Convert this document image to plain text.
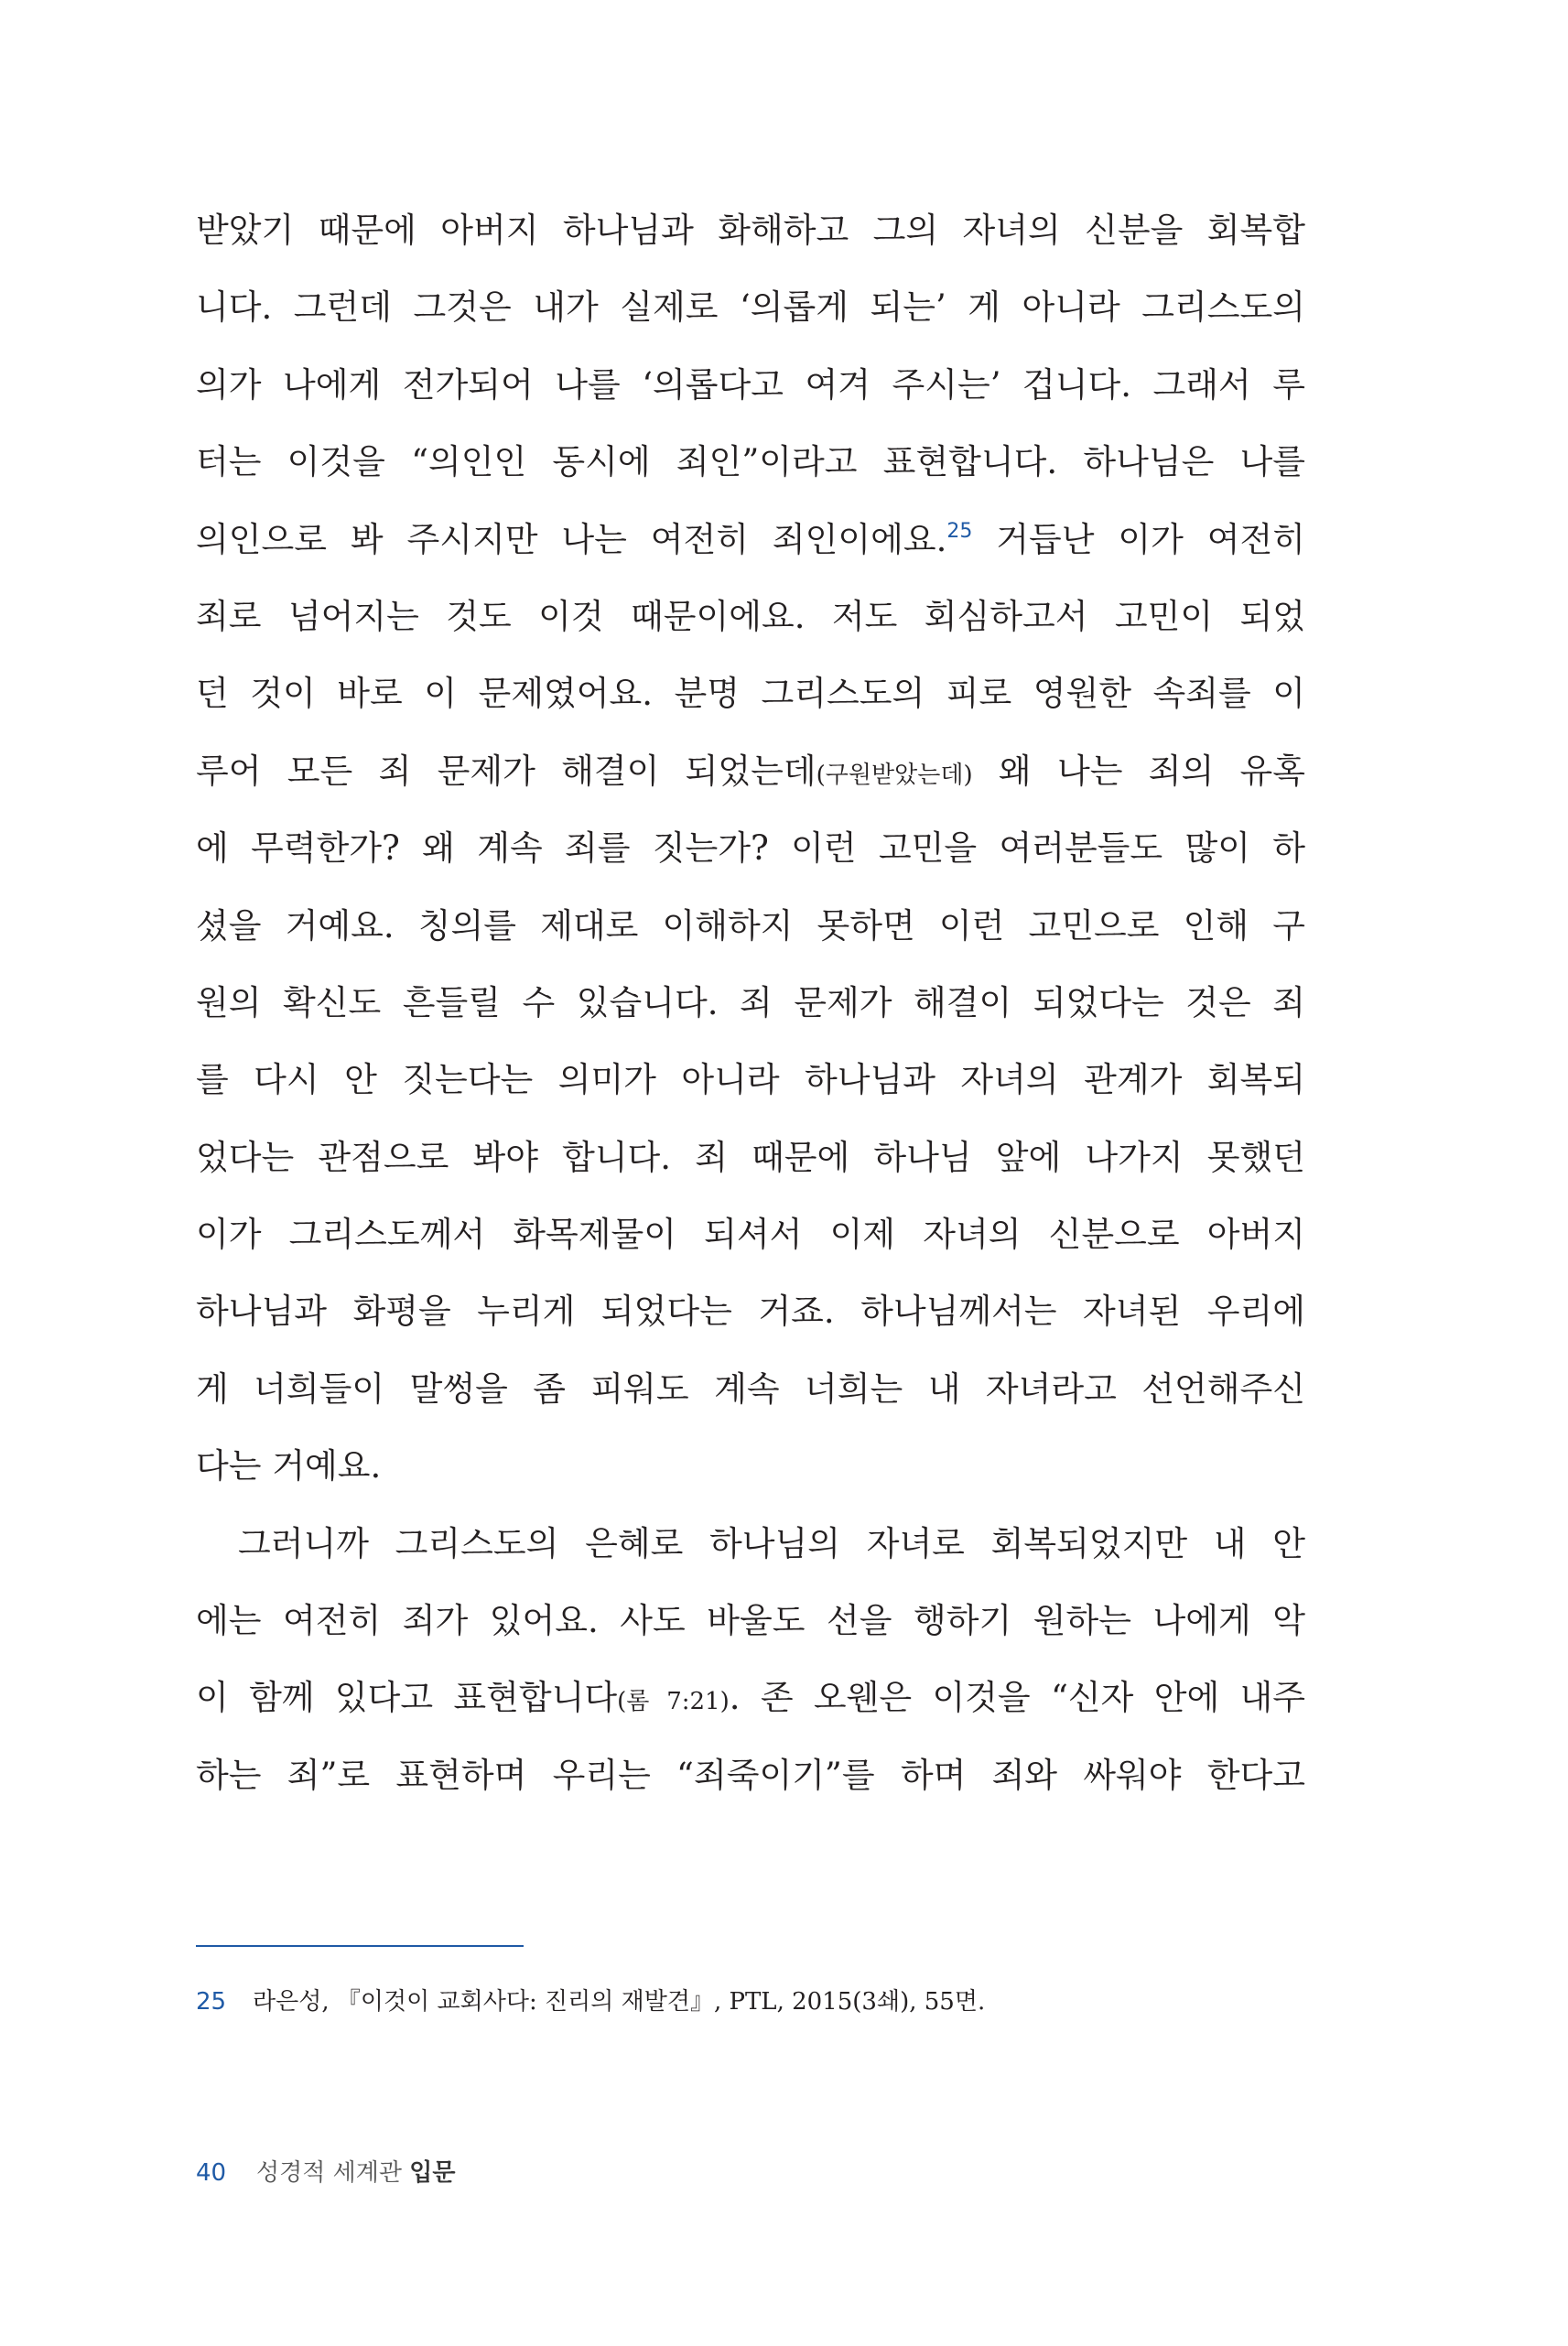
받았기 때문에 아버지 하나님과 화해하고 그의 자녀의 신분을 회복합
니다. 그런데 그것은 내가 실제로 ‘의롭게 되는’ 게 아니라 그리스도의
의가 나에게 전가되어 나를 ‘의롭다고 여겨 주시는’ 겁니다. 그래서 루
터는 이것을 “의인인 동시에 죄인”이라고 표현합니다. 하나님은 나를
의인으로 봐 주시지만 나는 여전히 죄인이에요.$^{25}$ 거듭난 이가 여전히
죄로 넘어지는 것도 이것 때문이에요. 저도 회심하고서 고민이 되었
던 것이 바로 이 문제였어요. 분명 그리스도의 피로 영원한 속죄를 이
루어 모든 죄 문제가 해결이 되었는데(구원받았는데) 왜 나는 죄의 유혹
에 무력한가? 왜 계속 죄를 짓는가? 이런 고민을 여러분들도 많이 하
셨을 거예요. 칭의를 제대로 이해하지 못하면 이런 고민으로 인해 구
원의 확신도 흔들릴 수 있습니다. 죄 문제가 해결이 되었다는 것은 죄
를 다시 안 짓는다는 의미가 아니라 하나님과 자녀의 관계가 회복되
었다는 관점으로 봐야 합니다. 죄 때문에 하나님 앞에 나가지 못했던
이가 그리스도께서 화목제물이 되셔서 이제 자녀의 신분으로 아버지
하나님과 화평을 누리게 되었다는 거죠. 하나님께서는 자녀된 우리에
게 너희들이 말썽을 좀 피워도 계속 너희는 내 자녀라고 선언해주신
다는 거예요.
그러니까 그리스도의 은혜로 하나님의 자녀로 회복되었지만 내 안
에는 여전히 죄가 있어요. 사도 바울도 선을 행하기 원하는 나에게 악
이 함께 있다고 표현합니다(롬 7:21). 존 오웬은 이것을 “신자 안에 내주
하는 죄”로 표현하며 우리는 “죄죽이기”를 하며 죄와 싸워야 한다고
25 라은성, 『이것이 교회사다: 진리의 재발견』, PTL, 2015(3쇄), 55면.
40 성경적 세계관 입문
